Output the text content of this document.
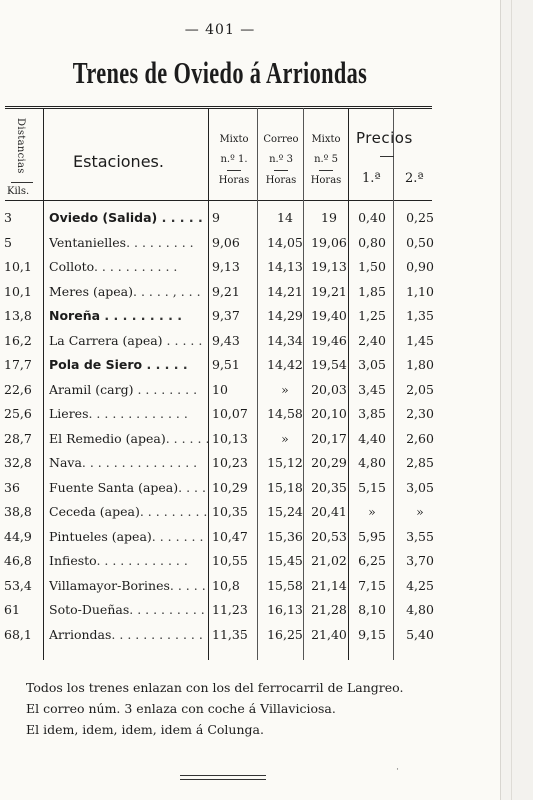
— 401 —
Trenes de Oviedo á Arriondas
Distancias
Kils.
Estaciones.
Mixto
n.º 1.

Horas
Correo
n.º 3

Horas
Mixto
n.º 5

Horas
Precios
1.ª 2.ª
3	Oviedo (Salida) . . . . . 9	14	19	0,40	0,25
5	Ventanielles. . . . . . . . .	9,06	14,05 19,06 0,80	0,50
10,1	Colloto. . . . . . . . . . .	9,13	14,13 19,13 1,50	0,90
10,1	Meres (apea). . . . . , . . . 9,21	14,21 19,21 1,85	1,10
13,8	Noreña . . . . . . . . .	9,37	14,29 19,40 1,25	1,35
16,2	La Carrera (apea) . . . . . 9,43	14,34 19,46 2,40	1,45
17,7	Pola de Siero . . . . .	9,51	14,42 19,54 3,05	1,80
22,6	Aramil (carg) . . . . . . . .	10	»	20,03 3,45	2,05
25,6	Lieres. . . . . . . . . . . . .	10,07	14,58 20,10 3,85	2,30
28,7	El Remedio (apea). . . . . . 10,13	»	20,17 4,40	2,60
32,8	Nava. . . . . . . . . . . . . . .	10,23	15,12 20,29 4,80	2,85
36	Fuente Santa (apea). . . . 10,29	15,18 20,35 5,15	3,05
38,8	Ceceda (apea). . . . . . . . . 10,35	15,24 20,41	»	»
44,9	Pintueles (apea). . . . . . . 10,47	15,36 20,53 5,95	3,55
46,8	Infiesto. . . . . . . . . . . .	10,55	15,45 21,02 6,25	3,70
53,4	Villamayor-Borines. . . . . 10,8	15,58 21,14 7,15	4,25
61	Soto-Dueñas. . . . . . . . . . 11,23	16,13 21,28 8,10	4,80
68,1	Arriondas. . . . . . . . . . . . 11,35	16,25 21,40 9,15	5,40
Todos los trenes enlazan con los del ferrocarril de Langreo.
El correo núm. 3 enlaza con coche á Villaviciosa.
El idem, idem, idem, idem á Colunga.
˙
